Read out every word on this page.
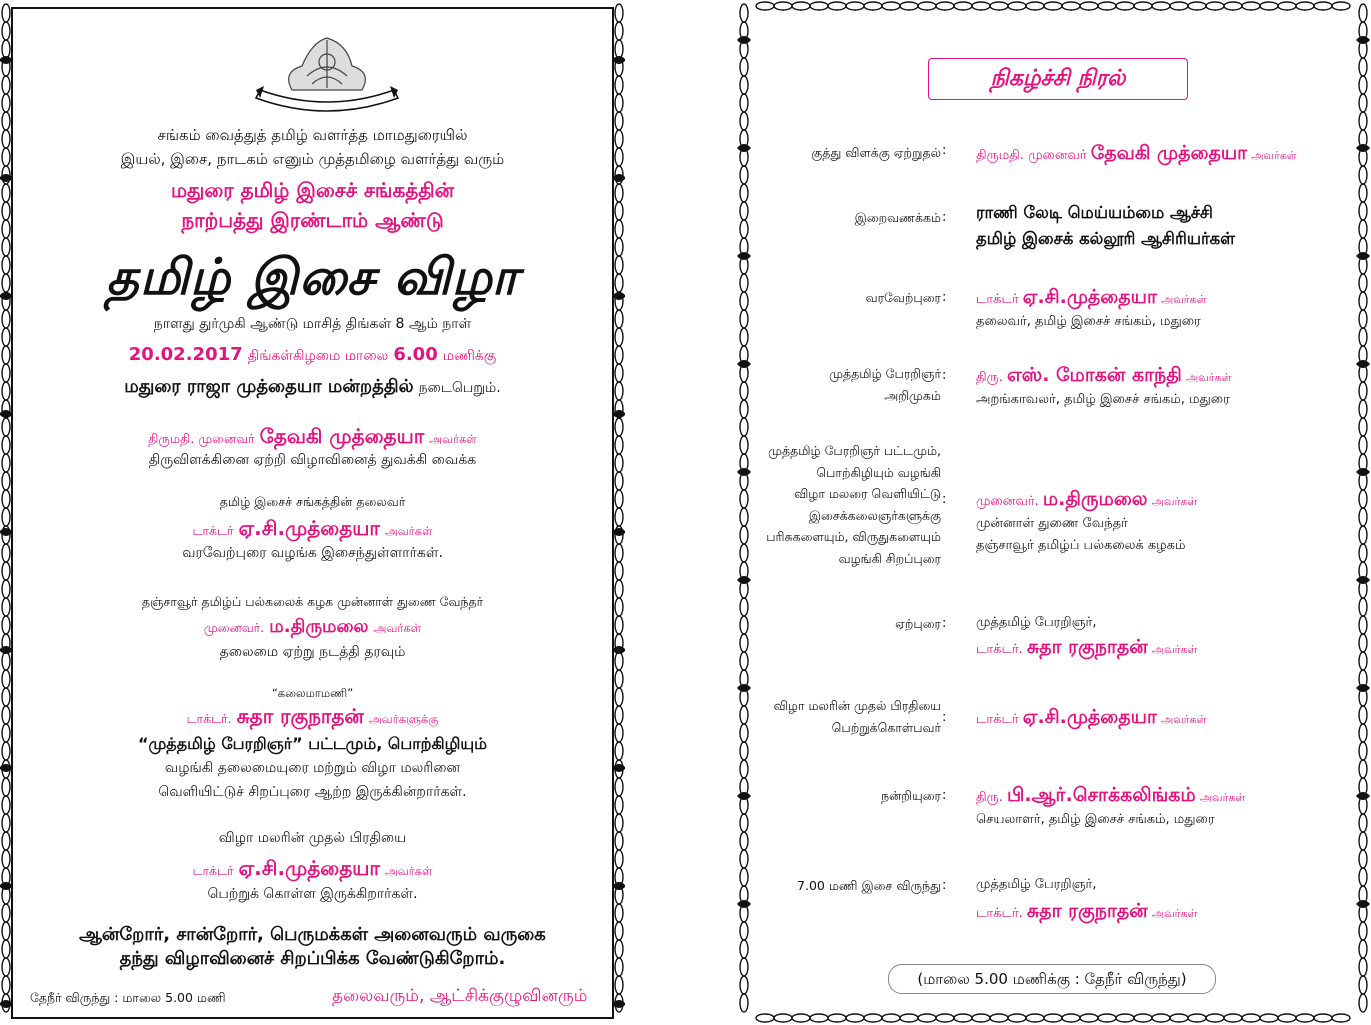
சங்கம் வைத்துத் தமிழ் வளர்த்த மாமதுரையில்
இயல், இசை, நாடகம் எனும் முத்தமிழை வளர்த்து வரும்
மதுரை தமிழ் இசைச் சங்கத்தின்
நாற்பத்து இரண்டாம் ஆண்டு
தமிழ் இசை விழா
நாளது துர்முகி ஆண்டு மாசித் திங்கள் 8 ஆம் நாள்
20.02.2017 திங்கள்கிழமை மாலை 6.00 மணிக்கு
மதுரை ராஜா முத்தையா மன்றத்தில் நடைபெறும்.
திருமதி. முனைவர் தேவகி முத்தையா அவர்கள்
திருவிளக்கினை ஏற்றி விழாவினைத் துவக்கி வைக்க
தமிழ் இசைச் சங்கத்தின் தலைவர்
டாக்டர் ஏ.சி.முத்தையா அவர்கள்
வரவேற்புரை வழங்க இசைந்துள்ளார்கள்.
தஞ்சாவூர் தமிழ்ப் பல்கலைக் கழக முன்னாள் துணை வேந்தர்
முனைவர். ம.திருமலை அவர்கள்
தலைமை ஏற்று நடத்தி தரவும்
“கலைமாமணி”
டாக்டர். சுதா ரகுநாதன் அவர்களுக்கு
“முத்தமிழ் பேரறிஞர்” பட்டமும், பொற்கிழியும்
வழங்கி தலைமையுரை மற்றும் விழா மலரினை
வெளியிட்டுச் சிறப்புரை ஆற்ற இருக்கின்றார்கள்.
விழா மலரின் முதல் பிரதியை
டாக்டர் ஏ.சி.முத்தையா அவர்கள்
பெற்றுக் கொள்ள இருக்கிறார்கள்.
ஆன்றோர், சான்றோர், பெருமக்கள் அனைவரும் வருகை
தந்து விழாவினைச் சிறப்பிக்க வேண்டுகிறோம்.
தேநீர் விருந்து : மாலை 5.00 மணி	தலைவரும், ஆட்சிக்குழுவினரும்
நிகழ்ச்சி நிரல்
குத்து விளக்கு ஏற்றுதல் : திருமதி. முனைவர் தேவகி முத்தையா அவர்கள்
இறைவணக்கம் : ராணி லேடி மெய்யம்மை ஆச்சி
தமிழ் இசைக் கல்லூரி ஆசிரியர்கள்
வரவேற்புரை : டாக்டர் ஏ.சி.முத்தையா அவர்கள்
தலைவர், தமிழ் இசைச் சங்கம், மதுரை
முத்தமிழ் பேரறிஞர்
அறிமுகம்
: திரு. எஸ். மோகன் காந்தி அவர்கள்
அறங்காவலர், தமிழ் இசைச் சங்கம், மதுரை
முத்தமிழ் பேரறிஞர் பட்டமும்,
பொற்கிழியும் வழங்கி
விழா மலரை வெளியிட்டு
இசைக்கலைஞர்களுக்கு
பரிசுகளையும், விருதுகளையும்
வழங்கி சிறப்புரை
: முனைவர். ம.திருமலை அவர்கள்
முன்னாள் துணை வேந்தர்
தஞ்சாவூர் தமிழ்ப் பல்கலைக் கழகம்
ஏற்புரை : முத்தமிழ் பேரறிஞர்,
டாக்டர். சுதா ரகுநாதன் அவர்கள்
விழா மலரின் முதல் பிரதியை
பெற்றுக்கொள்பவர்
: டாக்டர் ஏ.சி.முத்தையா அவர்கள்
நன்றியுரை : திரு. பி.ஆர்.சொக்கலிங்கம் அவர்கள்
செயலாளர், தமிழ் இசைச் சங்கம், மதுரை
7.00 மணி இசை விருந்து : முத்தமிழ் பேரறிஞர்,
டாக்டர். சுதா ரகுநாதன் அவர்கள்
(மாலை 5.00 மணிக்கு : தேநீர் விருந்து)
